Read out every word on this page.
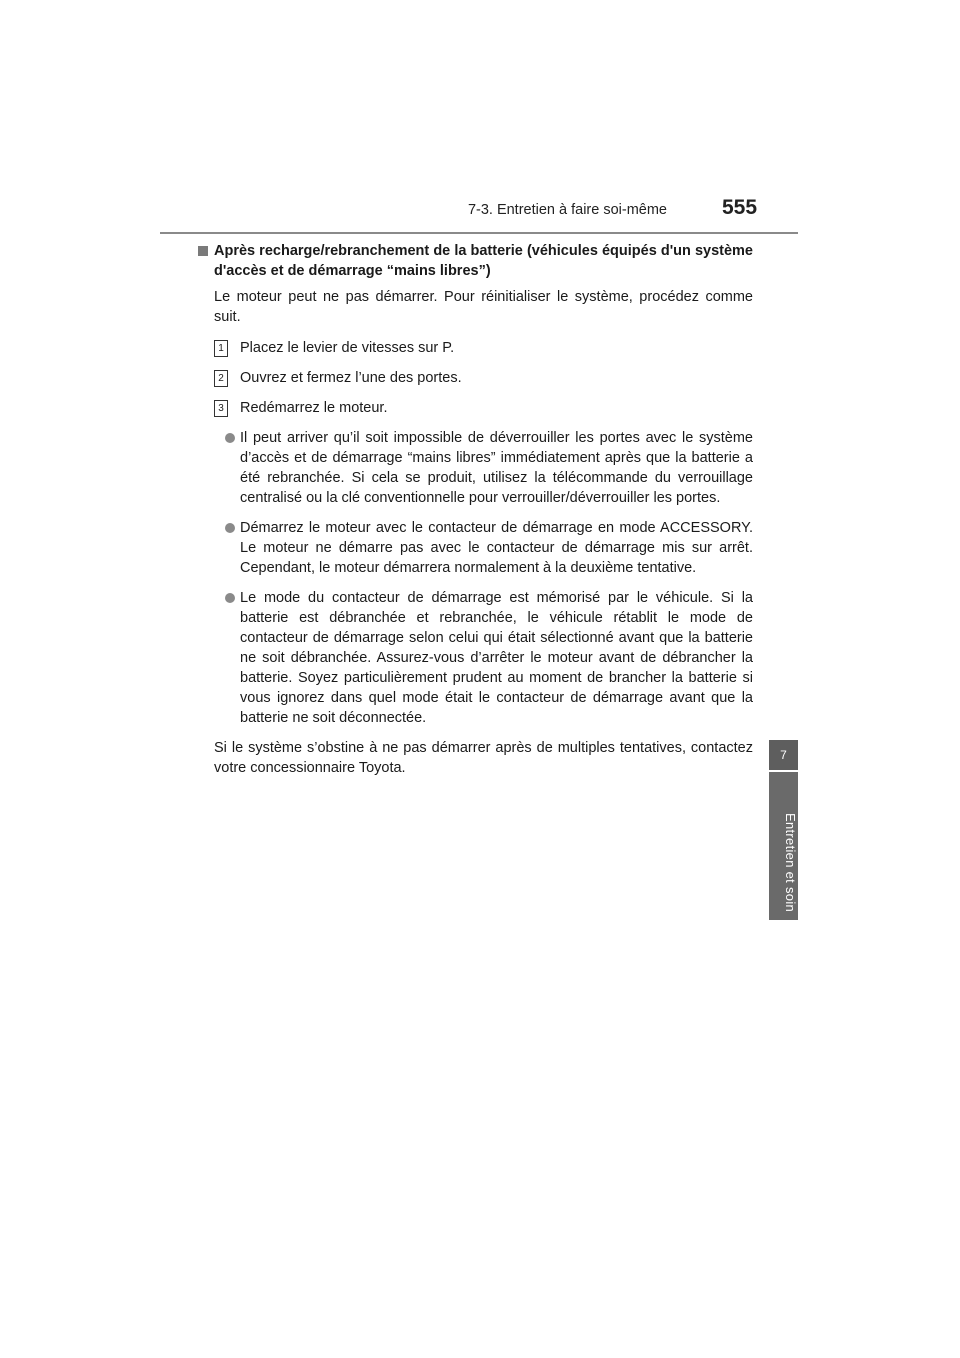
7-3. Entretien à faire soi-même	555
7
Entretien et soin
Après recharge/rebranchement de la batterie (véhicules équipés d'un système d'accès et de démarrage “mains libres”)
Le moteur peut ne pas démarrer. Pour réinitialiser le système, procédez comme suit.
1 Placez le levier de vitesses sur P.
2 Ouvrez et fermez l’une des portes.
3 Redémarrez le moteur.
Il peut arriver qu’il soit impossible de déverrouiller les portes avec le système d’accès et de démarrage “mains libres” immédiatement après que la batterie a été rebranchée. Si cela se produit, utilisez la télécommande du verrouillage centralisé ou la clé conventionnelle pour verrouiller/déverrouiller les portes.
Démarrez le moteur avec le contacteur de démarrage en mode ACCESSORY. Le moteur ne démarre pas avec le contacteur de démarrage mis sur arrêt. Cependant, le moteur démarrera normalement à la deuxième tentative.
Le mode du contacteur de démarrage est mémorisé par le véhicule. Si la batterie est débranchée et rebranchée, le véhicule rétablit le mode de contacteur de démarrage selon celui qui était sélectionné avant que la batterie ne soit débranchée. Assurez-vous d’arrêter le moteur avant de débrancher la batterie. Soyez particulièrement prudent au moment de brancher la batterie si vous ignorez dans quel mode était le contacteur de démarrage avant que la batterie ne soit déconnectée.
Si le système s’obstine à ne pas démarrer après de multiples tentatives, contactez votre concessionnaire Toyota.
